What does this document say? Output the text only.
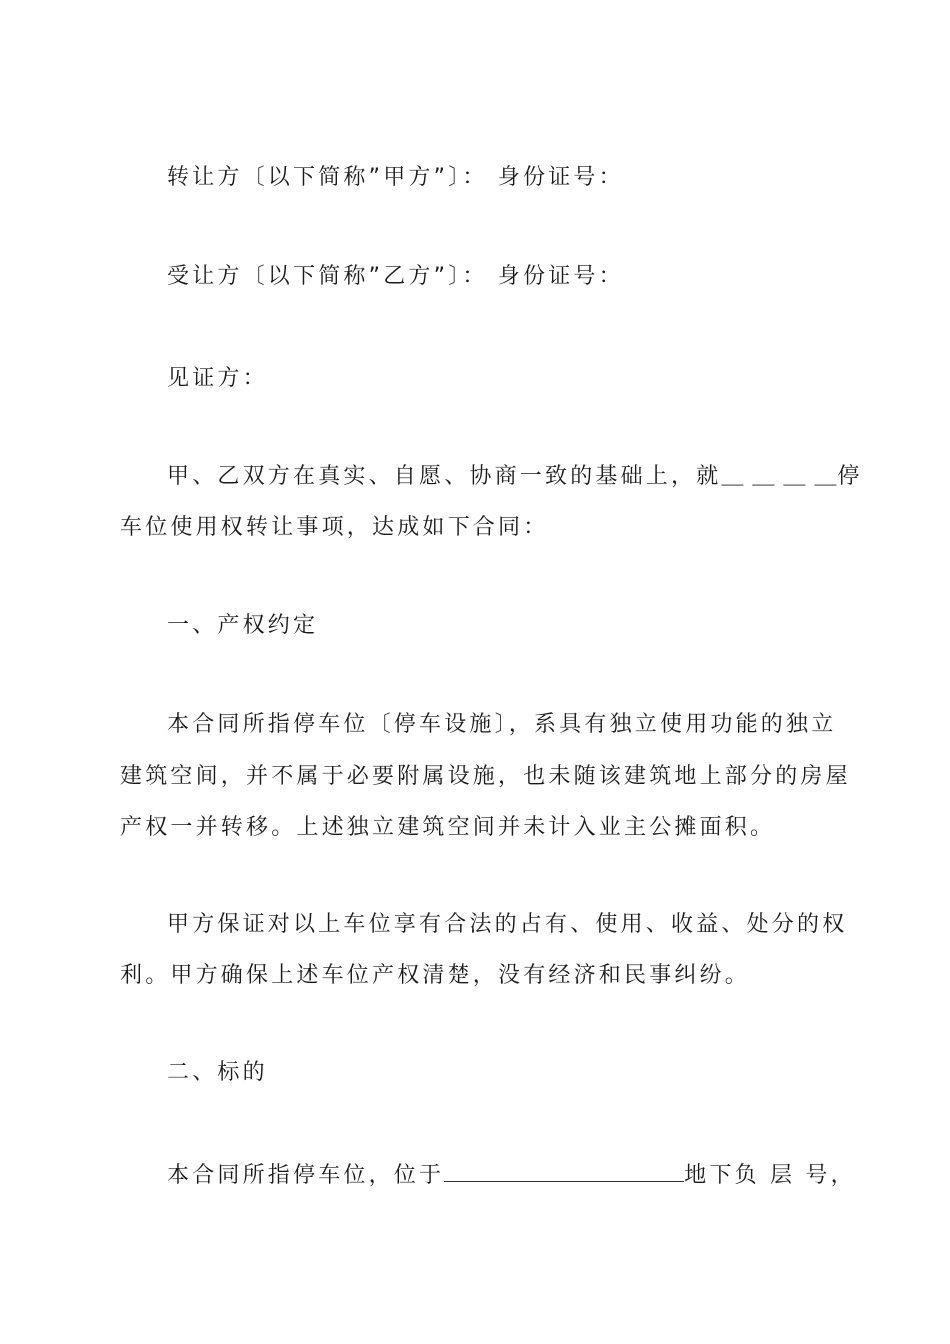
转让方〔以下简称”甲方”〕： 身份证号：
受让方〔以下简称”乙方”〕： 身份证号：
见证方：
甲、乙双方在真实、自愿、协商一致的基础上，就＿ ＿ ＿ ＿停
车位使用权转让事项，达成如下合同：
一、产权约定
本合同所指停车位〔停车设施〕，系具有独立使用功能的独立
建筑空间，并不属于必要附属设施，也未随该建筑地上部分的房屋
产权一并转移。上述独立建筑空间并未计入业主公摊面积。
甲方保证对以上车位享有合法的占有、使用、收益、处分的权
利。甲方确保上述车位产权清楚，没有经济和民事纠纷。
二、标的
本合同所指停车位，位于	地下负 层 号，
